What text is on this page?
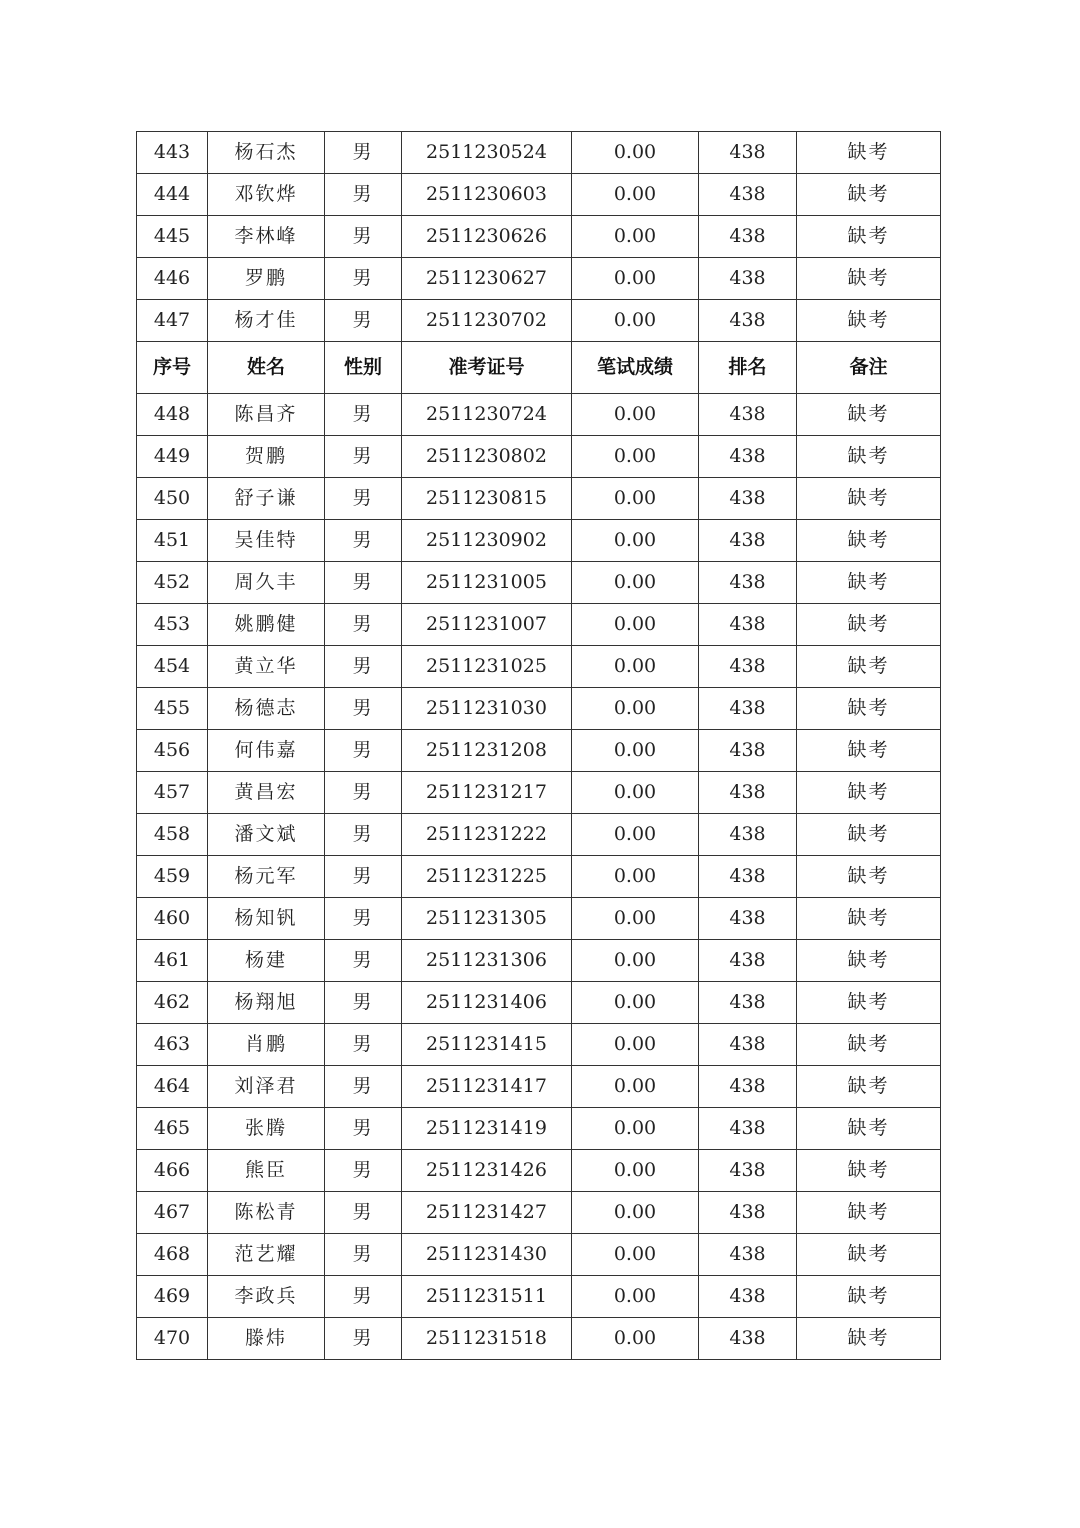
443	杨石杰	男	2511230524	0.00	438	缺考
444	邓钦烨	男	2511230603	0.00	438	缺考
445	李林峰	男	2511230626	0.00	438	缺考
446	罗鹏	男	2511230627	0.00	438	缺考
447	杨才佳	男	2511230702	0.00	438	缺考
序号	姓名	性别	准考证号	笔试成绩	排名	备注
448	陈昌齐	男	2511230724	0.00	438	缺考
449	贺鹏	男	2511230802	0.00	438	缺考
450	舒子谦	男	2511230815	0.00	438	缺考
451	吴佳特	男	2511230902	0.00	438	缺考
452	周久丰	男	2511231005	0.00	438	缺考
453	姚鹏健	男	2511231007	0.00	438	缺考
454	黄立华	男	2511231025	0.00	438	缺考
455	杨德志	男	2511231030	0.00	438	缺考
456	何伟嘉	男	2511231208	0.00	438	缺考
457	黄昌宏	男	2511231217	0.00	438	缺考
458	潘文斌	男	2511231222	0.00	438	缺考
459	杨元军	男	2511231225	0.00	438	缺考
460	杨知钒	男	2511231305	0.00	438	缺考
461	杨建	男	2511231306	0.00	438	缺考
462	杨翔旭	男	2511231406	0.00	438	缺考
463	肖鹏	男	2511231415	0.00	438	缺考
464	刘泽君	男	2511231417	0.00	438	缺考
465	张腾	男	2511231419	0.00	438	缺考
466	熊臣	男	2511231426	0.00	438	缺考
467	陈松青	男	2511231427	0.00	438	缺考
468	范艺耀	男	2511231430	0.00	438	缺考
469	李政兵	男	2511231511	0.00	438	缺考
470	滕炜	男	2511231518	0.00	438	缺考
